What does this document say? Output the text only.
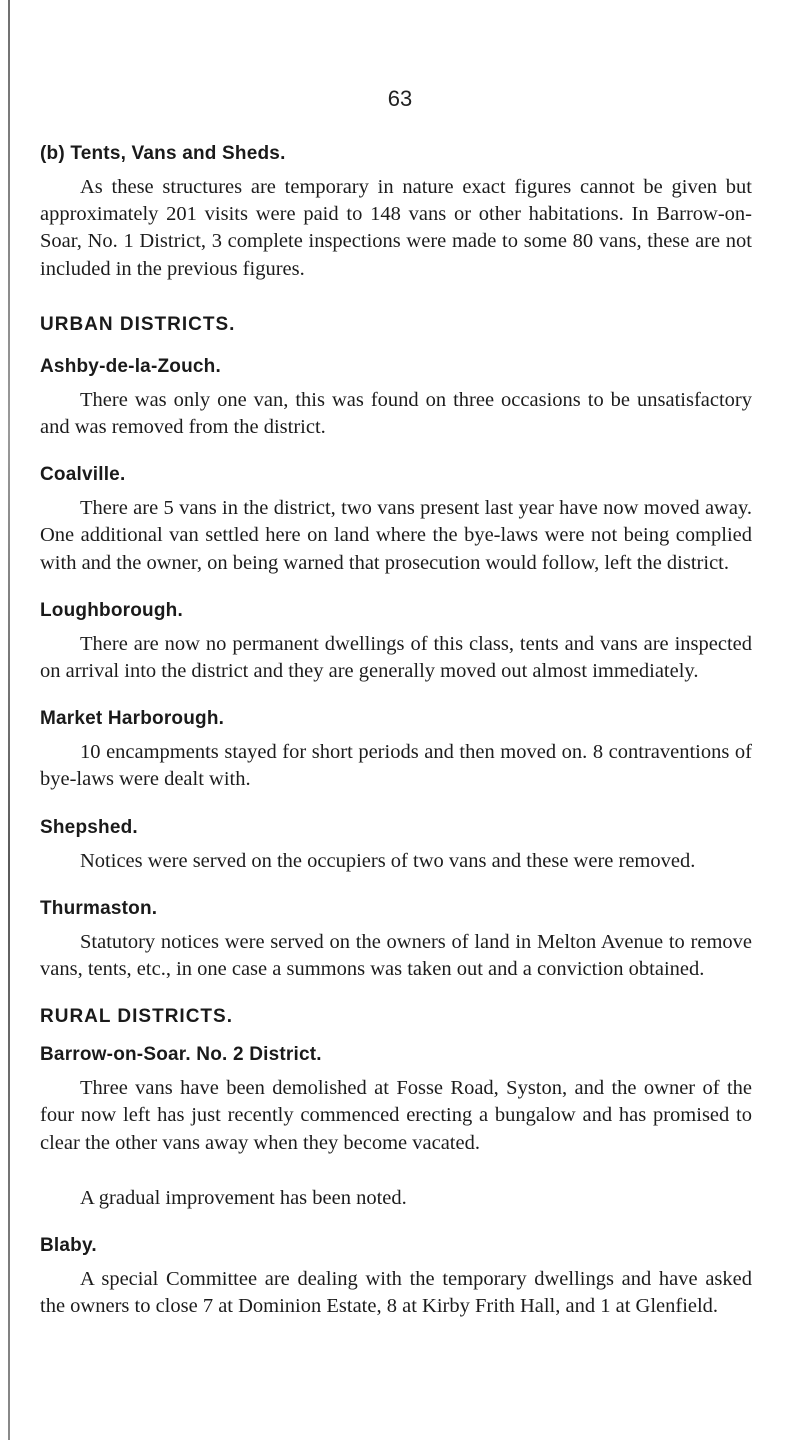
63
(b) Tents, Vans and Sheds.

As these structures are temporary in nature exact figures cannot be given but approximately 201 visits were paid to 148 vans or other habitations. In Barrow-on-Soar, No. 1 District, 3 complete inspections were made to some 80 vans, these are not included in the previous figures.

URBAN DISTRICTS.
Ashby-de-la-Zouch.

There was only one van, this was found on three occasions to be unsatisfactory and was removed from the district.

Coalville.

There are 5 vans in the district, two vans present last year have now moved away. One additional van settled here on land where the bye-laws were not being complied with and the owner, on being warned that prosecution would follow, left the district.

Loughborough.

There are now no permanent dwellings of this class, tents and vans are inspected on arrival into the district and they are generally moved out almost immediately.

Market Harborough.

10 encampments stayed for short periods and then moved on. 8 contraventions of bye-laws were dealt with.

Shepshed.

Notices were served on the occupiers of two vans and these were removed.

Thurmaston.

Statutory notices were served on the owners of land in Melton Avenue to remove vans, tents, etc., in one case a summons was taken out and a conviction obtained.

RURAL DISTRICTS.
Barrow-on-Soar. No. 2 District.

Three vans have been demolished at Fosse Road, Syston, and the owner of the four now left has just recently commenced erecting a bungalow and has promised to clear the other vans away when they become vacated.

A gradual improvement has been noted.

Blaby.

A special Committee are dealing with the temporary dwellings and have asked the owners to close 7 at Dominion Estate, 8 at Kirby Frith Hall, and 1 at Glenfield.
